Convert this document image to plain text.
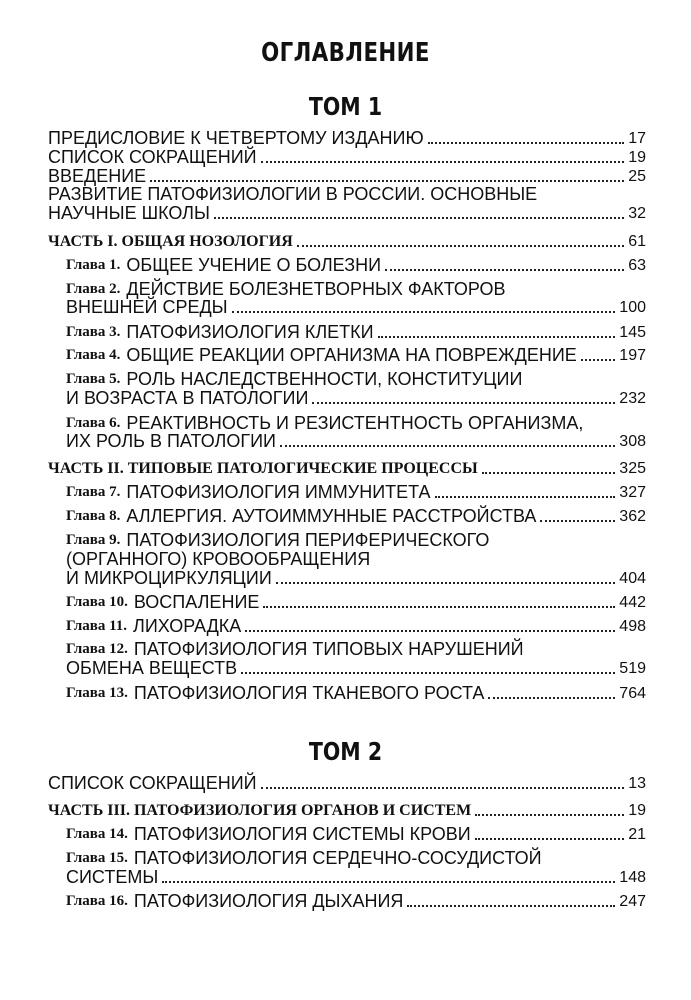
ОГЛАВЛЕНИЕ
ТОМ 1
ПРЕДИСЛОВИЕ К ЧЕТВЕРТОМУ ИЗДАНИЮ	17
СПИСОК СОКРАЩЕНИЙ	19
ВВЕДЕНИЕ	25
РАЗВИТИЕ ПАТОФИЗИОЛОГИИ В РОССИИ. ОСНОВНЫЕ
НАУЧНЫЕ ШКОЛЫ	32
ЧАСТЬ I. ОБЩАЯ НОЗОЛОГИЯ	61
Глава 1. ОБЩЕЕ УЧЕНИЕ О БОЛЕЗНИ	63
Глава 2. ДЕЙСТВИЕ БОЛЕЗНЕТВОРНЫХ ФАКТОРОВ
ВНЕШНЕЙ СРЕДЫ	100
Глава 3. ПАТОФИЗИОЛОГИЯ КЛЕТКИ	145
Глава 4. ОБЩИЕ РЕАКЦИИ ОРГАНИЗМА НА ПОВРЕЖДЕНИЕ	197
Глава 5. РОЛЬ НАСЛЕДСТВЕННОСТИ, КОНСТИТУЦИИ
И ВОЗРАСТА В ПАТОЛОГИИ	232
Глава 6. РЕАКТИВНОСТЬ И РЕЗИСТЕНТНОСТЬ ОРГАНИЗМА,
ИХ РОЛЬ В ПАТОЛОГИИ	308
ЧАСТЬ II. ТИПОВЫЕ ПАТОЛОГИЧЕСКИЕ ПРОЦЕССЫ	325
Глава 7. ПАТОФИЗИОЛОГИЯ ИММУНИТЕТА	327
Глава 8. АЛЛЕРГИЯ. АУТОИММУННЫЕ РАССТРОЙСТВА	362
Глава 9. ПАТОФИЗИОЛОГИЯ ПЕРИФЕРИЧЕСКОГО
(ОРГАННОГО) КРОВООБРАЩЕНИЯ
И МИКРОЦИРКУЛЯЦИИ	404
Глава 10. ВОСПАЛЕНИЕ	442
Глава 11. ЛИХОРАДКА	498
Глава 12. ПАТОФИЗИОЛОГИЯ ТИПОВЫХ НАРУШЕНИЙ
ОБМЕНА ВЕЩЕСТВ	519
Глава 13. ПАТОФИЗИОЛОГИЯ ТКАНЕВОГО РОСТА	764
ТОМ 2
СПИСОК СОКРАЩЕНИЙ	13
ЧАСТЬ III. ПАТОФИЗИОЛОГИЯ ОРГАНОВ И СИСТЕМ	19
Глава 14. ПАТОФИЗИОЛОГИЯ СИСТЕМЫ КРОВИ	21
Глава 15. ПАТОФИЗИОЛОГИЯ СЕРДЕЧНО-СОСУДИСТОЙ
СИСТЕМЫ	148
Глава 16. ПАТОФИЗИОЛОГИЯ ДЫХАНИЯ	247
